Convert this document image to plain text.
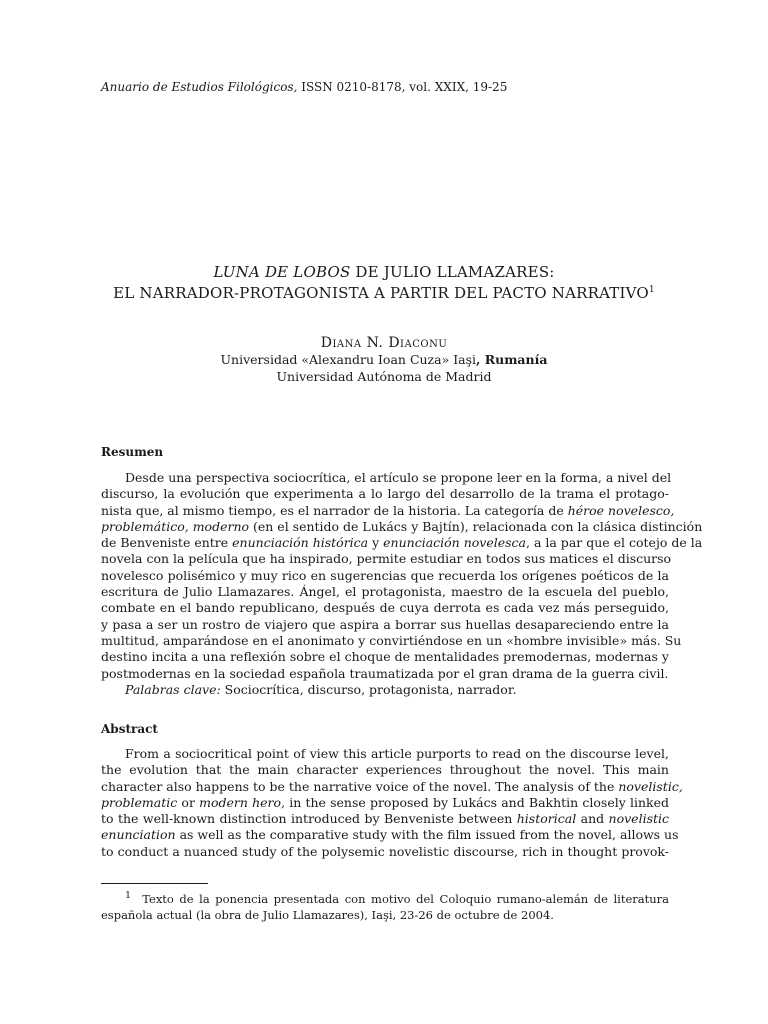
Anuario de Estudios Filológicos, ISSN 0210-8178, vol. XXIX, 19-25
LUNA DE LOBOS DE JULIO LLAMAZARES:
EL NARRADOR-PROTAGONISTA A PARTIR DEL PACTO NARRATIVO$^1$
Diana N. Diaconu
Universidad «Alexandru Ioan Cuza» Iaşi, Rumanía
Universidad Autónoma de Madrid
Resumen
Desde una perspectiva sociocrítica, el artículo se propone leer en la forma, a nivel del
discurso, la evolución que experimenta a lo largo del desarrollo de la trama el protago-
nista que, al mismo tiempo, es el narrador de la historia. La categoría de héroe novelesco,
problemático, moderno (en el sentido de Lukács y Bajtín), relacionada con la clásica distinción
de Benveniste entre enunciación histórica y enunciación novelesca, a la par que el cotejo de la
novela con la película que ha inspirado, permite estudiar en todos sus matices el discurso
novelesco polisémico y muy rico en sugerencias que recuerda los orígenes poéticos de la
escritura de Julio Llamazares. Ángel, el protagonista, maestro de la escuela del pueblo,
combate en el bando republicano, después de cuya derrota es cada vez más perseguido,
y pasa a ser un rostro de viajero que aspira a borrar sus huellas desapareciendo entre la
multitud, amparándose en el anonimato y convirtiéndose en un «hombre invisible» más. Su
destino incita a una reflexión sobre el choque de mentalidades premodernas, modernas y
postmodernas en la sociedad española traumatizada por el gran drama de la guerra civil.
Palabras clave: Sociocrítica, discurso, protagonista, narrador.
Abstract
From a sociocritical point of view this article purports to read on the discourse level,
the evolution that the main character experiences throughout the novel. This main
character also happens to be the narrative voice of the novel. The analysis of the novelistic,
problematic or modern hero, in the sense proposed by Lukács and Bakhtin closely linked
to the well-known distinction introduced by Benveniste between historical and novelistic
enunciation as well as the comparative study with the film issued from the novel, allows us
to conduct a nuanced study of the polysemic novelistic discourse, rich in thought provok-
$^1$ Texto de la ponencia presentada con motivo del Coloquio rumano-alemán de literatura
española actual (la obra de Julio Llamazares), Iaşi, 23-26 de octubre de 2004.
